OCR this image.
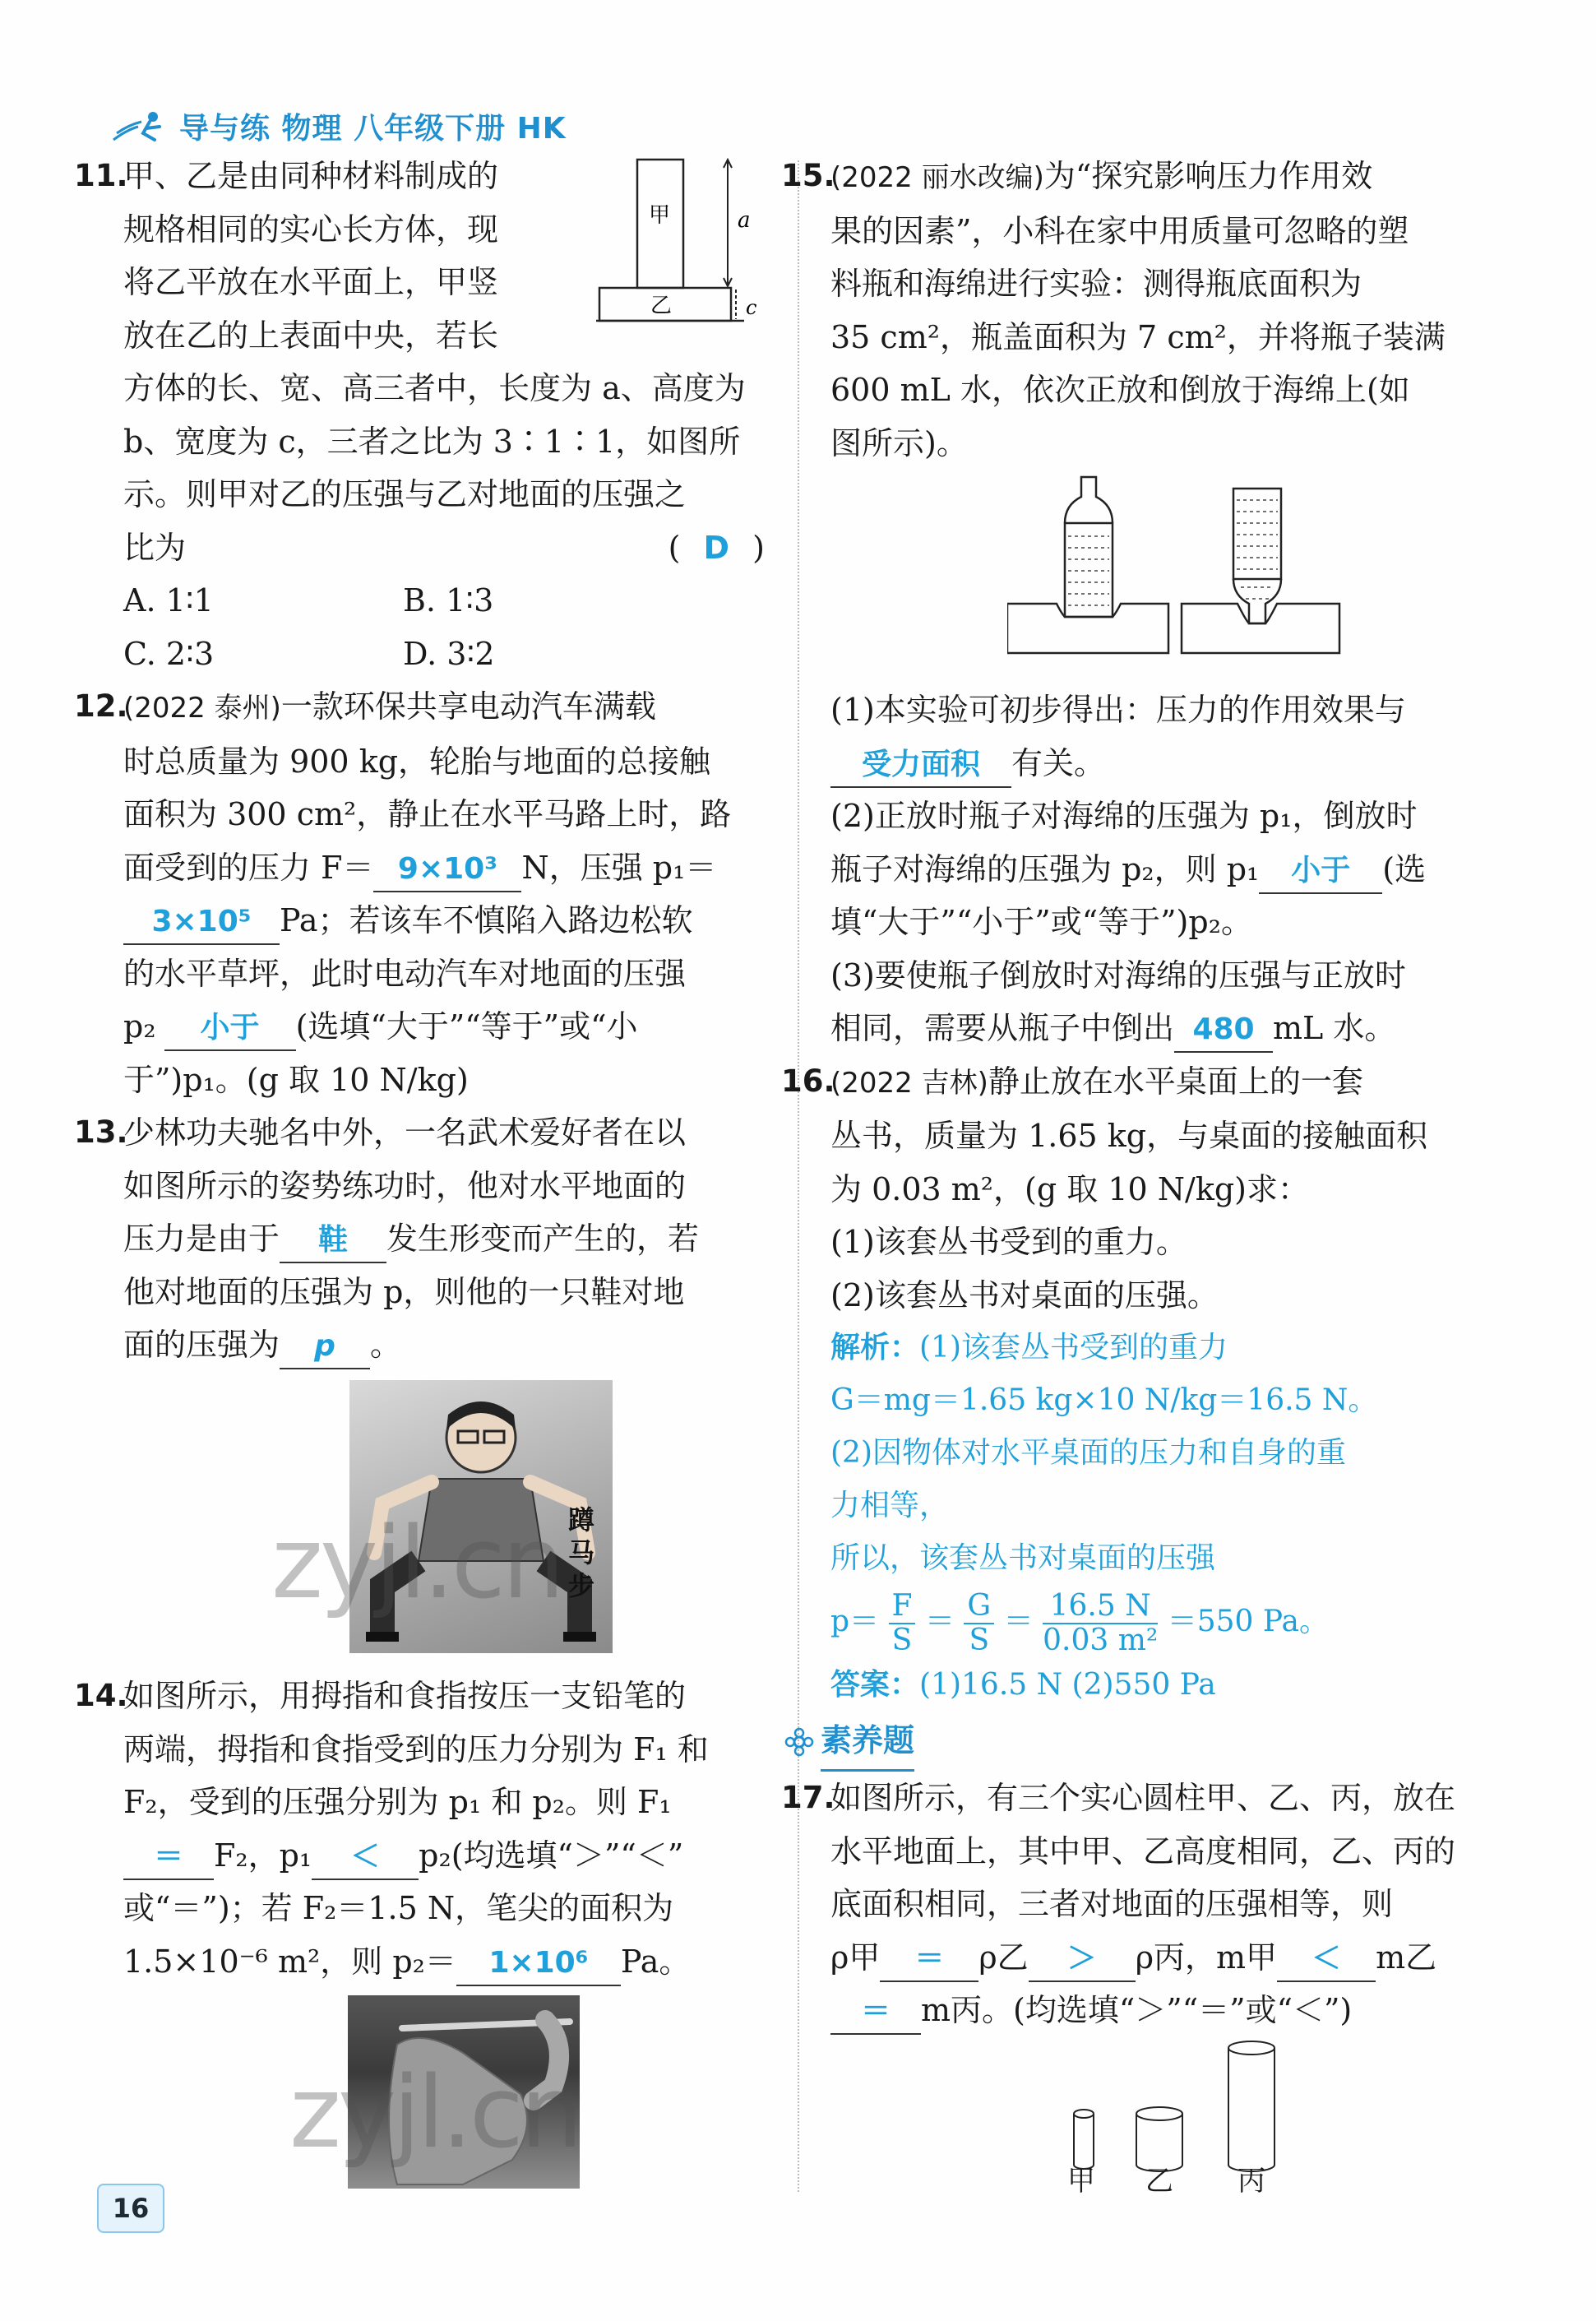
导与练 物理 八年级下册 HK
11.
甲、乙是由同种材料制成的
规格相同的实心长方体，现
将乙平放在水平面上，甲竖
放在乙的上表面中央，若长
方体的长、宽、高三者中，长度为 a、高度为
b、宽度为 c，三者之比为 3∶1∶1，如图所
示。则甲对乙的压强与乙对地面的压强之
比为	( D )
A. 1∶1	B. 1∶3
C. 2∶3	D. 3∶2
12.
(2022 泰州)一款环保共享电动汽车满载
时总质量为 900 kg，轮胎与地面的总接触
面积为 300 cm²，静止在水平马路上时，路
面受到的压力 F＝ 9×10³ N，压强 p₁＝
3×10⁵ Pa；若该车不慎陷入路边松软
的水平草坪，此时电动汽车对地面的压强
p₂ 小于 (选填“大于”“等于”或“小
于”)p₁。(g 取 10 N/kg)
13.
少林功夫驰名中外，一名武术爱好者在以
如图所示的姿势练功时，他对水平地面的
压力是由于 鞋 发生形变而产生的，若
他对地面的压强为 p，则他的一只鞋对地
面的压强为 p 。
14.
如图所示，用拇指和食指按压一支铅笔的
两端，拇指和食指受到的压力分别为 F₁ 和
F₂，受到的压强分别为 p₁ 和 p₂。则 F₁
＝ F₂，p₁ ＜ p₂(均选填“＞”“＜”
或“＝”)；若 F₂＝1.5 N，笔尖的面积为
1.5×10⁻⁶ m²，则 p₂＝ 1×10⁶ Pa。
甲
乙
a
c
蹲马步
zyjl.cn
zyjl.cn
15.
(2022 丽水改编)为“探究影响压力作用效
果的因素”，小科在家中用质量可忽略的塑
料瓶和海绵进行实验：测得瓶底面积为
35 cm²，瓶盖面积为 7 cm²，并将瓶子装满
600 mL 水，依次正放和倒放于海绵上(如
图所示)。
(1)本实验可初步得出：压力的作用效果与
受力面积 有关。
(2)正放时瓶子对海绵的压强为 p₁，倒放时
瓶子对海绵的压强为 p₂，则 p₁ 小于 (选
填“大于”“小于”或“等于”)p₂。
(3)要使瓶子倒放时对海绵的压强与正放时
相同，需要从瓶子中倒出 480 mL 水。
16.
(2022 吉林)静止放在水平桌面上的一套
丛书，质量为 1.65 kg，与桌面的接触面积
为 0.03 m²，(g 取 10 N/kg)求：
(1)该套丛书受到的重力。
(2)该套丛书对桌面的压强。
解析：(1)该套丛书受到的重力
G＝mg＝1.65 kg×10 N/kg＝16.5 N。
(2)因物体对水平桌面的压力和自身的重
力相等，
所以，该套丛书对桌面的压强
$p= \frac{F}{S} = \frac{G}{S} = \frac{16.5 N}{\text{0.03 m²}} =550$ Pa。
答案：(1)16.5 N (2)550 Pa
素养题
17.
如图所示，有三个实心圆柱甲、乙、丙，放在
水平地面上，其中甲、乙高度相同，乙、丙的
底面积相同，三者对地面的压强相等，则
ρ甲 ＝ ρ乙 ＞ ρ丙，m甲 ＜ m乙
＝ m丙。(均选填“＞”“＝”或“＜”)
甲 乙 丙
16
